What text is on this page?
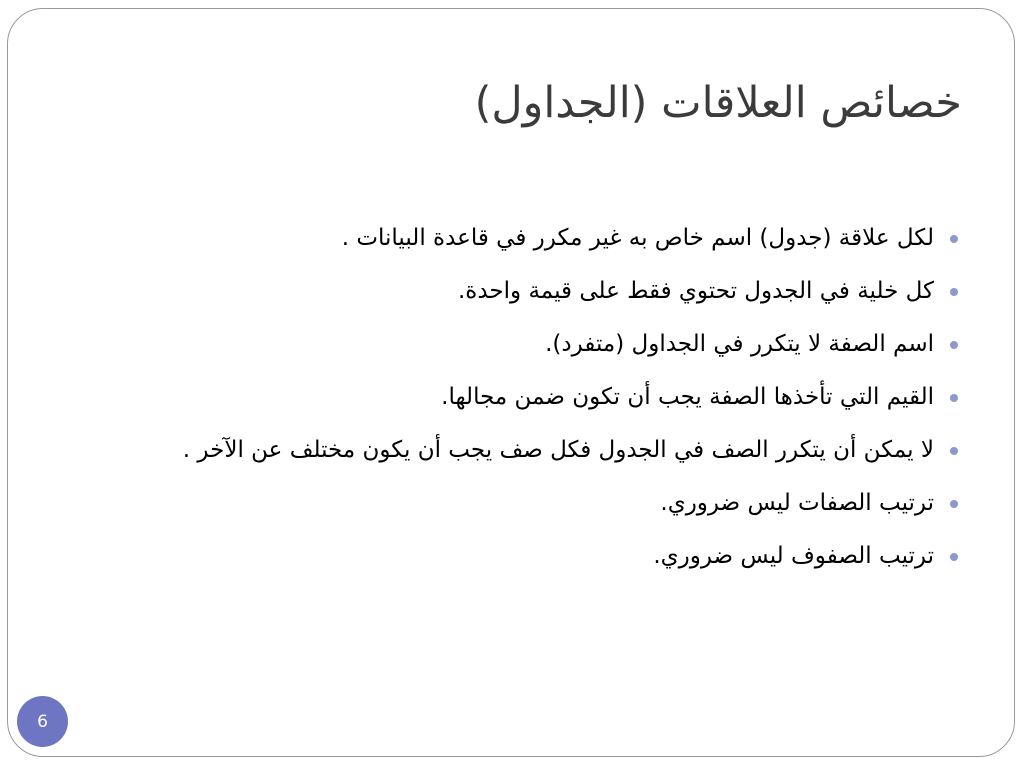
خصائص العلاقات (الجداول)
لكل علاقة (جدول) اسم خاص به غير مكرر في قاعدة البيانات .
كل خلية في الجدول تحتوي فقط على قيمة واحدة.
اسم الصفة لا يتكرر في الجداول (متفرد).
القيم التي تأخذها الصفة يجب أن تكون ضمن مجالها.
لا يمكن أن يتكرر الصف في الجدول فكل صف يجب أن يكون مختلف عن الآخر .
ترتيب الصفات ليس ضروري.
ترتيب الصفوف ليس ضروري.
6
